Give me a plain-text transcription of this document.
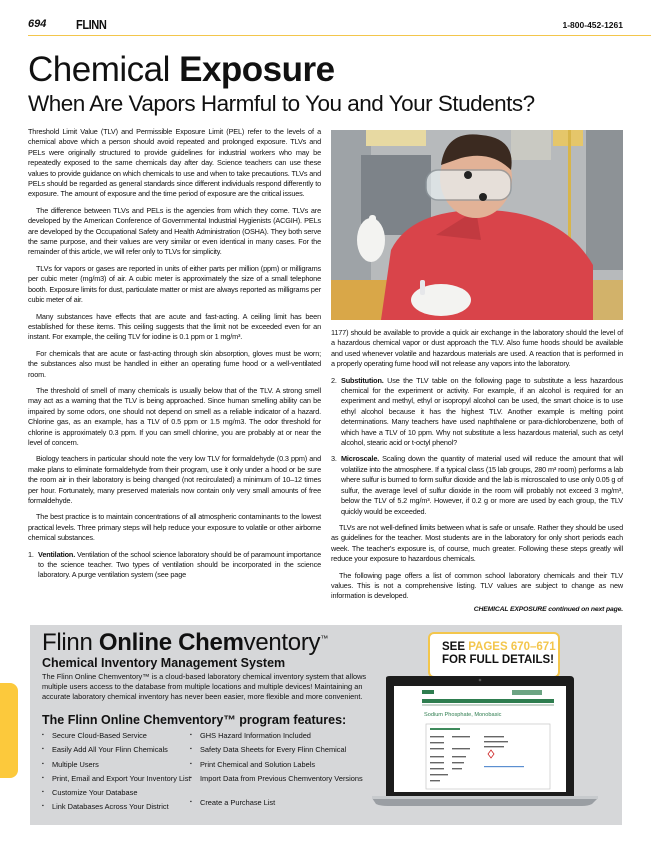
694 FLINN	1-800-452-1261
Chemical Exposure
When Are Vapors Harmful to You and Your Students?

Threshold Limit Value (TLV) and Permissible Exposure Limit (PEL) refer to the levels of a chemical above which a person should avoid repeated and prolonged exposure. TLVs and PELs were originally structured to provide guidelines for industrial workers who may be repeatedly exposed to the same chemicals day after day. Science teachers can use these values to provide guidance on which chemicals to use and when to take precautions. TLVs and PELs should be regarded as general standards since different individuals respond differently to exposure. The amount of exposure and the time period of exposure are the critical issues.

The difference between TLVs and PELs is the agencies from which they come. TLVs are developed by the American Conference of Governmental Industrial Hygienists (ACGIH). PELs are developed by the Occupational Safety and Health Administration (OSHA). They both serve the same purpose, and their values are very similar or even identical in many cases. For the remainder of this article, we will refer only to TLVs for simplicity.

TLVs for vapors or gases are reported in units of either parts per million (ppm) or milligrams per cubic meter (mg/m3) of air. A cubic meter is approximately the size of a small telephone booth. Exposure limits for dust, particulate matter or mist are always reported as milligrams per cubic meter of air.

Many substances have effects that are acute and fast-acting. A ceiling limit has been established for these items. This ceiling suggests that the limit not be exceeded even for an instant. For example, the ceiling TLV for iodine is 0.1 ppm or 1 mg/m³.

For chemicals that are acute or fast-acting through skin absorption, gloves must be worn; the substances also must be handled in either an operating fume hood or a well-ventilated room.

The threshold of smell of many chemicals is usually below that of the TLV. A strong smell may act as a warning that the TLV is being approached. Since human smelling ability can be impaired by some odors, one should not depend on smell as a reliable indicator of a hazard. Chlorine gas, as an example, has a TLV of 0.5 ppm or 1.5 mg/m3. The odor threshold for chlorine is approximately 0.3 ppm. If you can smell chlorine, you are probably at or near the level of concern.

Biology teachers in particular should note the very low TLV for formaldehyde (0.3 ppm) and make plans to eliminate formaldehyde from their program, use it only under a hood or be sure the room air in their laboratory is being changed (not recirculated) a minimum of 10–12 times per hour. Fortunately, many preserved materials now contain only very small amounts of free formaldehyde.

The best practice is to maintain concentrations of all atmospheric contaminants to the lowest practical levels. Three primary steps will help reduce your exposure to volatile or other airborne chemical substances.

1. Ventilation. Ventilation of the school science laboratory should be of paramount importance to the science teacher. Two types of ventilation should be incorporated in the science laboratory. A purge ventilation system (see page
1177) should be available to provide a quick air exchange in the laboratory should the level of a hazardous chemical vapor or dust approach the TLV. Also fume hoods should be available and used whenever volatile and hazardous materials are used. A reaction that is performed in a properly operating fume hood will not release any vapors into the laboratory.
2. Substitution. Use the TLV table on the following page to substitute a less hazardous chemical for the experiment or activity. For example, if an alcohol is required for an experiment and methyl, ethyl or isopropyl alcohol can be used, the smart choice is to use ethyl alcohol because it has the highest TLV. Another example is melting point determinations. Many teachers have used naphthalene or para-dichlorobenzene, both of which have a TLV of 10 ppm. Why not substitute a less hazardous material, such as cetyl alcohol, stearic acid or t-octyl phenol?
3. Microscale. Scaling down the quantity of material used will reduce the amount that will volatilize into the atmosphere. If a typical class (15 lab groups, 280 m³ room) performs a lab where sulfur is burned to form sulfur dioxide and the lab is microscaled to use only 0.05 g of sulfur, the average level of sulfur dioxide in the room will probably not exceed 3 mg/m³, below the TLV of 5.2 mg/m³. However, if 0.2 g or more are used by each group, the TLV quickly would be exceeded.

TLVs are not well-defined limits between what is safe or unsafe. Rather they should be used as guidelines for the teacher. Most students are in the laboratory for only short periods each week. The teacher's exposure is, of course, much greater. Following these steps greatly will reduce your exposure to hazardous chemicals.

The following page offers a list of common school laboratory chemicals and their TLV values. This is not a comprehensive listing. TLV values are subject to change as new information is developed.

CHEMICAL EXPOSURE continued on next page.
Flinn Online Chemventory™
Chemical Inventory Management System
The Flinn Online Chemventory™ is a cloud-based laboratory chemical inventory system that allows multiple users access to the database from multiple locations and multiple devices! Maintaining an accurate laboratory chemical inventory has never been easier, more flexible and more convenient.
The Flinn Online Chemventory™ program features:
▪ Secure Cloud-Based Service
▪ Easily Add All Your Flinn Chemicals
▪ Multiple Users
▪ Print, Email and Export Your Inventory List
▪ Customize Your Database
▪ Link Databases Across Your District
▪ GHS Hazard Information Included
▪ Safety Data Sheets for Every Flinn Chemical
▪ Print Chemical and Solution Labels
▪ Import Data from Previous Chemventory Versions
▪ Create a Purchase List
SEE PAGES 670–671
FOR FULL DETAILS!
Sodium Phosphate, Monobasic
